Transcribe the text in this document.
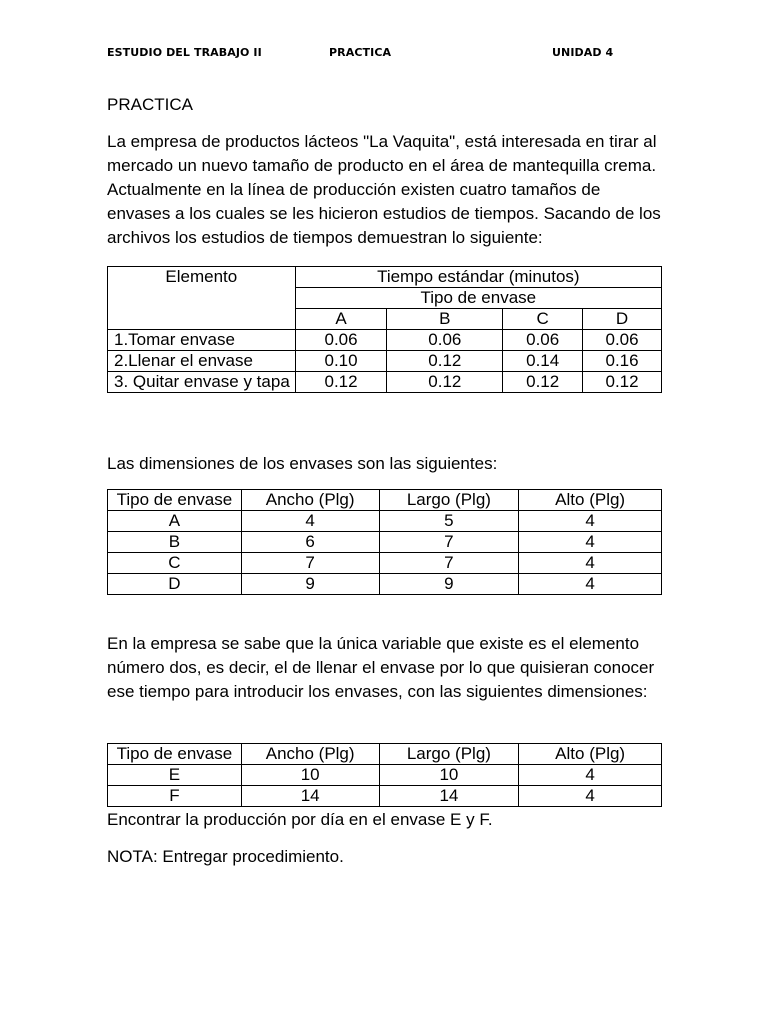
ESTUDIO DEL TRABAJO II	PRACTICA	UNIDAD 4
PRACTICA

La empresa de productos lácteos "La Vaquita", está interesada en tirar al mercado un nuevo tamaño de producto en el área de mantequilla crema. Actualmente en la línea de producción existen cuatro tamaños de envases a los cuales se les hicieron estudios de tiempos. Sacando de los archivos los estudios de tiempos demuestran lo siguiente:

Elemento	Tiempo estándar (minutos)			
	Tipo de envase			
	A	B	C	D
1.Tomar envase	0.06	0.06	0.06	0.06
2.Llenar el envase	0.10	0.12	0.14	0.16
3. Quitar envase y tapa	0.12	0.12	0.12	0.12

Las dimensiones de los envases son las siguientes:

Tipo de envase	Ancho (Plg)	Largo (Plg)	Alto (Plg)
A	4	5	4
B	6	7	4
C	7	7	4
D	9	9	4

En la empresa se sabe que la única variable que existe es el elemento número dos, es decir, el de llenar el envase por lo que quisieran conocer ese tiempo para introducir los envases, con las siguientes dimensiones:

Tipo de envase	Ancho (Plg)	Largo (Plg)	Alto (Plg)
E	10	10	4
F	14	14	4

Encontrar la producción por día en el envase E y F.

NOTA: Entregar procedimiento.
